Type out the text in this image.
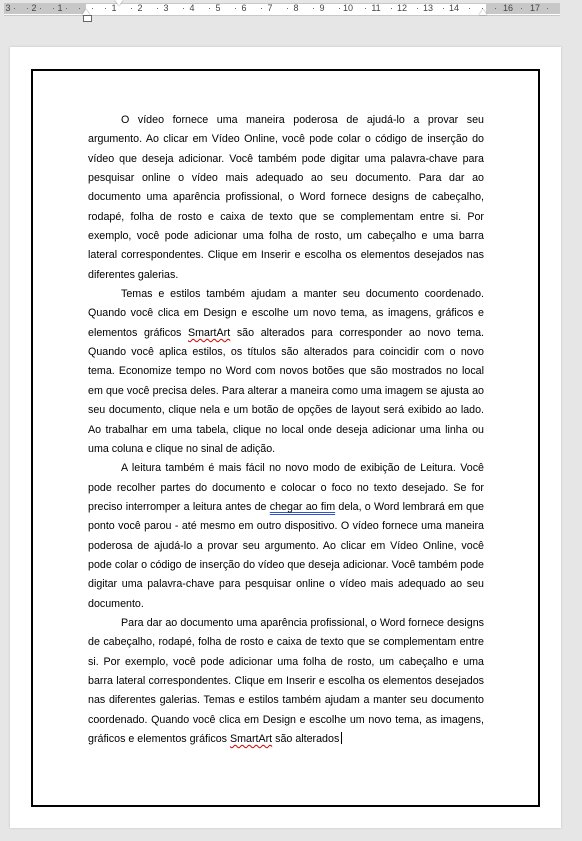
3 2 1	1 2 3 4 5 6 7 8 9 10 11 12 13 14	16 17

O vídeo fornece uma maneira poderosa de ajudá-lo a provar seu argumento. Ao clicar em Vídeo Online, você pode colar o código de inserção do vídeo que deseja adicionar. Você também pode digitar uma palavra-chave para pesquisar online o vídeo mais adequado ao seu documento. Para dar ao documento uma aparência profissional, o Word fornece designs de cabeçalho, rodapé, folha de rosto e caixa de texto que se complementam entre si. Por exemplo, você pode adicionar uma folha de rosto, um cabeçalho e uma barra lateral correspondentes. Clique em Inserir e escolha os elementos desejados nas diferentes galerias.

Temas e estilos também ajudam a manter seu documento coordenado. Quando você clica em Design e escolhe um novo tema, as imagens, gráficos e elementos gráficos SmartArt são alterados para corresponder ao novo tema. Quando você aplica estilos, os títulos são alterados para coincidir com o novo tema. Economize tempo no Word com novos botões que são mostrados no local em que você precisa deles. Para alterar a maneira como uma imagem se ajusta ao seu documento, clique nela e um botão de opções de layout será exibido ao lado. Ao trabalhar em uma tabela, clique no local onde deseja adicionar uma linha ou uma coluna e clique no sinal de adição.

A leitura também é mais fácil no novo modo de exibição de Leitura. Você pode recolher partes do documento e colocar o foco no texto desejado. Se for preciso interromper a leitura antes de chegar ao fim dela, o Word lembrará em que ponto você parou - até mesmo em outro dispositivo. O vídeo fornece uma maneira poderosa de ajudá-lo a provar seu argumento. Ao clicar em Vídeo Online, você pode colar o código de inserção do vídeo que deseja adicionar. Você também pode digitar uma palavra-chave para pesquisar online o vídeo mais adequado ao seu documento.

Para dar ao documento uma aparência profissional, o Word fornece designs de cabeçalho, rodapé, folha de rosto e caixa de texto que se complementam entre si. Por exemplo, você pode adicionar uma folha de rosto, um cabeçalho e uma barra lateral correspondentes. Clique em Inserir e escolha os elementos desejados nas diferentes galerias. Temas e estilos também ajudam a manter seu documento coordenado. Quando você clica em Design e escolhe um novo tema, as imagens, gráficos e elementos gráficos SmartArt são alterados
